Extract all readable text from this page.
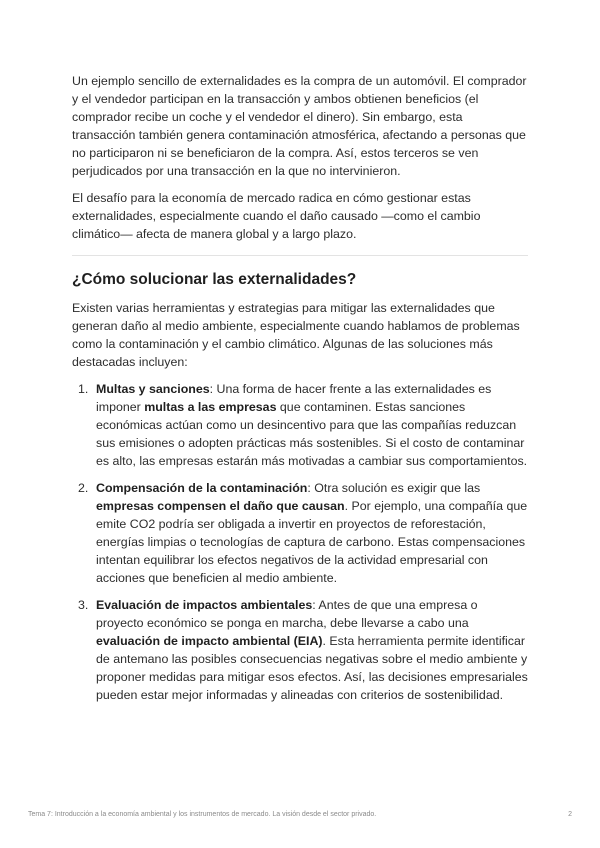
Un ejemplo sencillo de externalidades es la compra de un automóvil. El comprador y el vendedor participan en la transacción y ambos obtienen beneficios (el comprador recibe un coche y el vendedor el dinero). Sin embargo, esta transacción también genera contaminación atmosférica, afectando a personas que no participaron ni se beneficiaron de la compra. Así, estos terceros se ven perjudicados por una transacción en la que no intervinieron.

El desafío para la economía de mercado radica en cómo gestionar estas externalidades, especialmente cuando el daño causado —como el cambio climático— afecta de manera global y a largo plazo.

¿Cómo solucionar las externalidades?

Existen varias herramientas y estrategias para mitigar las externalidades que generan daño al medio ambiente, especialmente cuando hablamos de problemas como la contaminación y el cambio climático. Algunas de las soluciones más destacadas incluyen:

1. Multas y sanciones: Una forma de hacer frente a las externalidades es imponer multas a las empresas que contaminen. Estas sanciones económicas actúan como un desincentivo para que las compañías reduzcan sus emisiones o adopten prácticas más sostenibles. Si el costo de contaminar es alto, las empresas estarán más motivadas a cambiar sus comportamientos.
2. Compensación de la contaminación: Otra solución es exigir que las empresas compensen el daño que causan. Por ejemplo, una compañía que emite CO2 podría ser obligada a invertir en proyectos de reforestación, energías limpias o tecnologías de captura de carbono. Estas compensaciones intentan equilibrar los efectos negativos de la actividad empresarial con acciones que beneficien al medio ambiente.
3. Evaluación de impactos ambientales: Antes de que una empresa o proyecto económico se ponga en marcha, debe llevarse a cabo una evaluación de impacto ambiental (EIA). Esta herramienta permite identificar de antemano las posibles consecuencias negativas sobre el medio ambiente y proponer medidas para mitigar esos efectos. Así, las decisiones empresariales pueden estar mejor informadas y alineadas con criterios de sostenibilidad.
Tema 7: Introducción a la economía ambiental y los instrumentos de mercado. La visión desde el sector privado.	2
